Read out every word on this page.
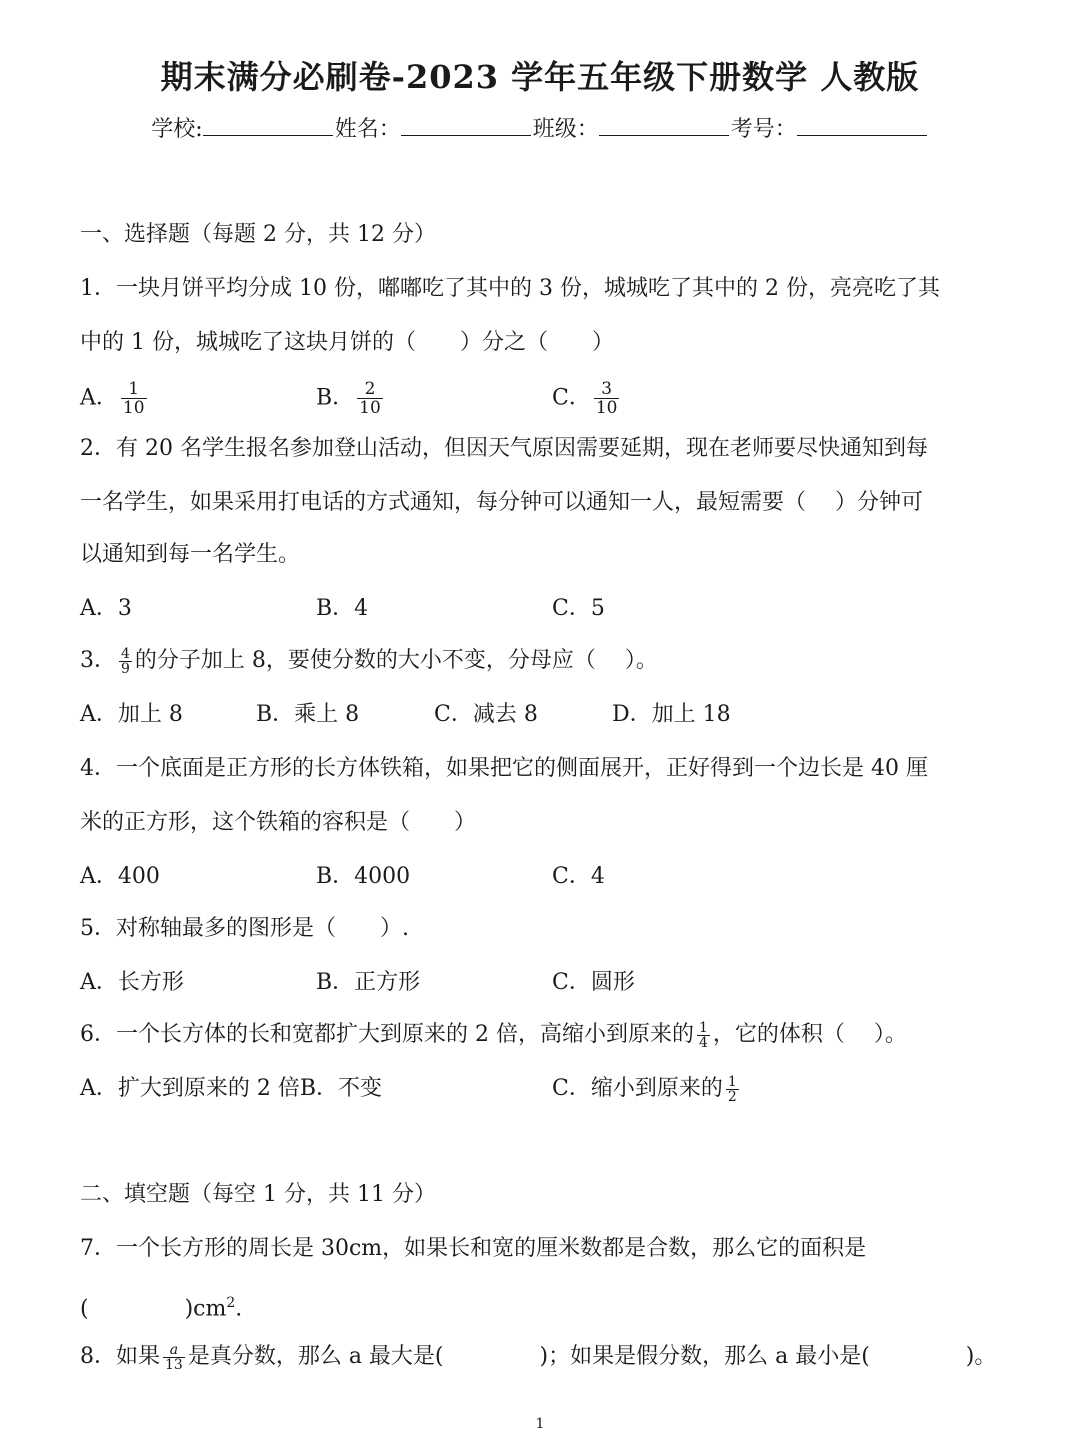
期末满分必刷卷-2023 学年五年级下册数学 人教版
学校:	姓名：	班级：	考号：
一、选择题（每题 2 分，共 12 分）
1．一块月饼平均分成 10 份，嘟嘟吃了其中的 3 份，城城吃了其中的 2 份，亮亮吃了其
中的 1 份，城城吃了这块月饼的（　　）分之（　　）
A． $\frac{1}{10}$	B． $\frac{2}{10}$	C． $\frac{3}{10}$
2．有 20 名学生报名参加登山活动，但因天气原因需要延期，现在老师要尽快通知到每
一名学生，如果采用打电话的方式通知，每分钟可以通知一人，最短需要（　 ）分钟可
以通知到每一名学生。
A．3	B．4	C．5
3． $\frac{4}{9}$ 的分子加上 8，要使分数的大小不变，分母应（　 ）。
A．加上 8	B．乘上 8	C．减去 8	D．加上 18
4．一个底面是正方形的长方体铁箱，如果把它的侧面展开，正好得到一个边长是 40 厘
米的正方形，这个铁箱的容积是（　　）
A．400	B．4000	C．4
5．对称轴最多的图形是（　　）.
A．长方形	B．正方形	C．圆形
6．一个长方体的长和宽都扩大到原来的 2 倍，高缩小到原来的 $\frac{1}{4}$ ，它的体积（　 ）。
A．扩大到原来的 2 倍B．不变	C．缩小到原来的 $\frac{1}{2}$
二、填空题（每空 1 分，共 11 分）
7．一个长方形的周长是 30cm，如果长和宽的厘米数都是合数，那么它的面积是
(	)$cm^2$.
8．如果 $\frac{a}{13}$ 是真分数，那么 a 最大是(	)；如果是假分数，那么 a 最小是(	)。
1
